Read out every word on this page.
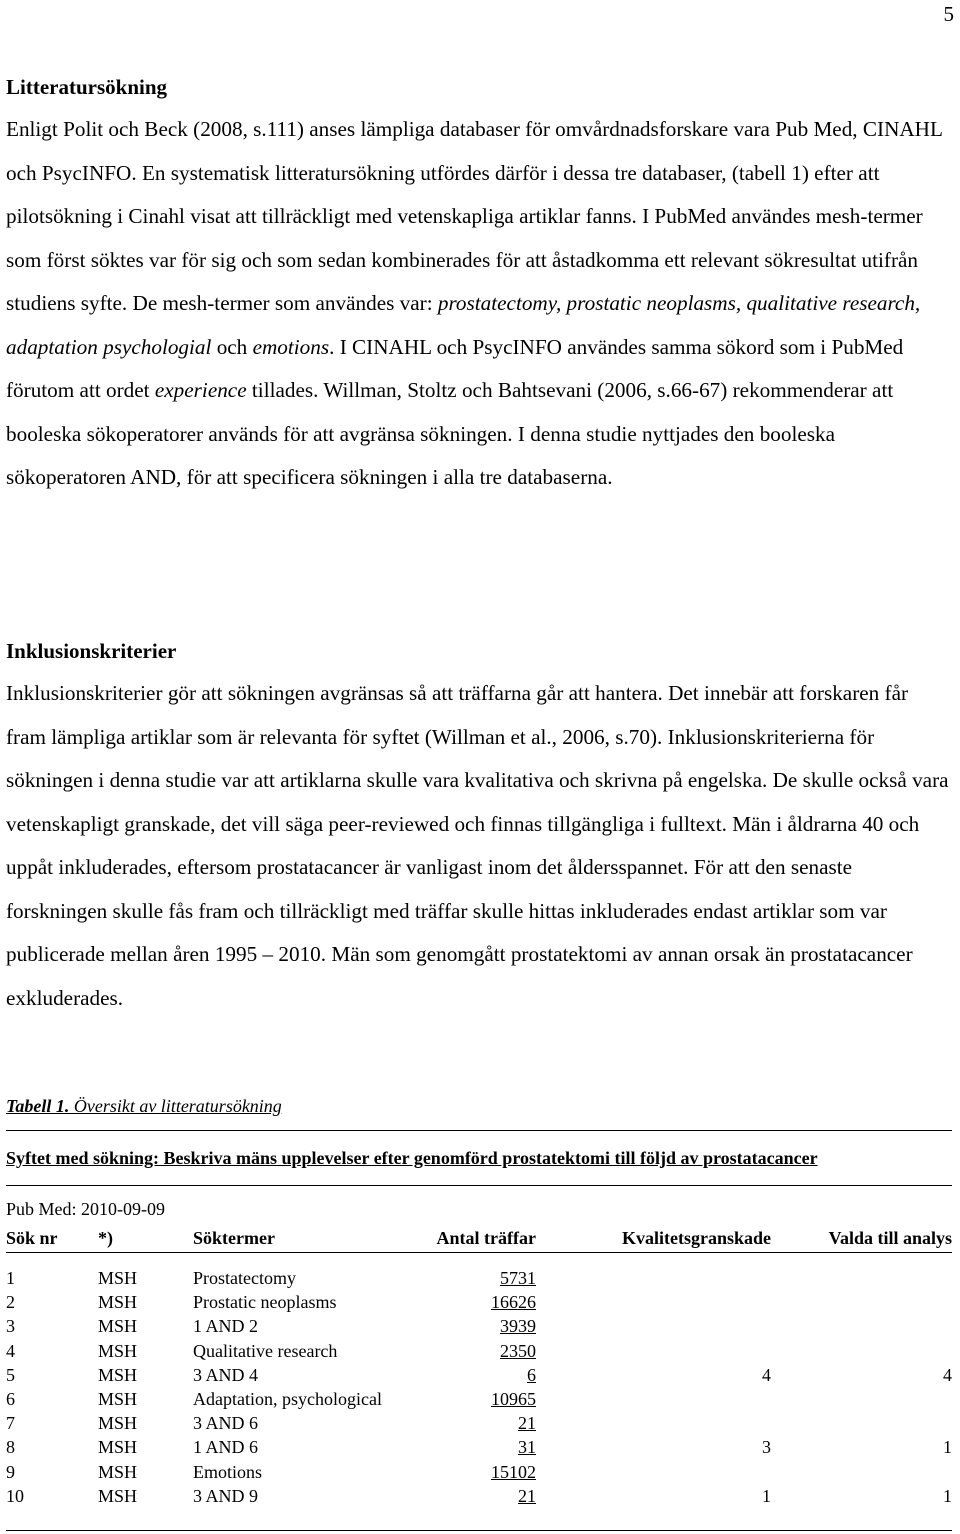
5
Litteratursökning
Enligt Polit och Beck (2008, s.111) anses lämpliga databaser för omvårdnadsforskare vara Pub Med, CINAHL och PsycINFO. En systematisk litteratursökning utfördes därför i dessa tre databaser, (tabell 1) efter att pilotsökning i Cinahl visat att tillräckligt med vetenskapliga artiklar fanns. I PubMed användes mesh-termer som först söktes var för sig och som sedan kombinerades för att åstadkomma ett relevant sökresultat utifrån studiens syfte. De mesh-termer som användes var: prostatectomy, prostatic neoplasms, qualitative research, adaptation psychologial och emotions. I CINAHL och PsycINFO användes samma sökord som i PubMed förutom att ordet experience tillades. Willman, Stoltz och Bahtsevani (2006, s.66-67) rekommenderar att booleska sökoperatorer används för att avgränsa sökningen. I denna studie nyttjades den booleska sökoperatoren AND, för att specificera sökningen i alla tre databaserna.
Inklusionskriterier
Inklusionskriterier gör att sökningen avgränsas så att träffarna går att hantera. Det innebär att forskaren får fram lämpliga artiklar som är relevanta för syftet (Willman et al., 2006, s.70). Inklusionskriterierna för sökningen i denna studie var att artiklarna skulle vara kvalitativa och skrivna på engelska. De skulle också vara vetenskapligt granskade, det vill säga peer-reviewed och finnas tillgängliga i fulltext. Män i åldrarna 40 och uppåt inkluderades, eftersom prostatacancer är vanligast inom det åldersspannet. För att den senaste forskningen skulle fås fram och tillräckligt med träffar skulle hittas inkluderades endast artiklar som var publicerade mellan åren 1995 – 2010. Män som genomgått prostatektomi av annan orsak än prostatacancer exkluderades.
Tabell 1. Översikt av litteratursökning
Syftet med sökning: Beskriva mäns upplevelser efter genomförd prostatektomi till följd av prostatacancer
Pub Med: 2010-09-09
Sök nr	*)	Söktermer	Antal träffar	Kvalitetsgranskade	Valda till analys

1	MSH	Prostatectomy	5731		
2	MSH	Prostatic neoplasms	16626		
3	MSH	1 AND 2	3939		
4	MSH	Qualitative research	2350		
5	MSH	3 AND 4	6	4	4
6	MSH	Adaptation, psychological	10965		
7	MSH	3 AND 6	21		
8	MSH	1 AND 6	31	3	1
9	MSH	Emotions	15102		
10	MSH	3 AND 9	21	1	1
